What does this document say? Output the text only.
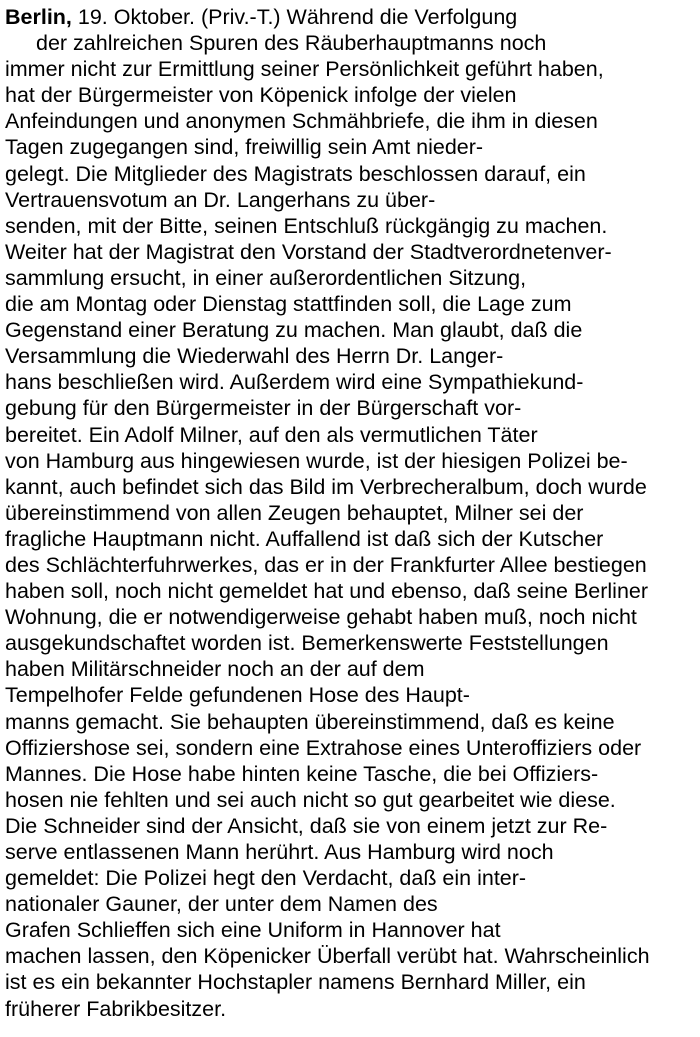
Berlin, 19. Oktober. (Priv.-T.) Während die Verfolgung
der zahlreichen Spuren des Räuberhauptmanns noch
immer nicht zur Ermittlung seiner Persönlichkeit geführt haben,
hat der Bürgermeister von Köpenick infolge der vielen
Anfeindungen und anonymen Schmähbriefe, die ihm in diesen
Tagen zugegangen sind, freiwillig sein Amt nieder-
gelegt. Die Mitglieder des Magistrats beschlossen darauf, ein
Vertrauensvotum an Dr. Langerhans zu über-
senden, mit der Bitte, seinen Entschluß rückgängig zu machen.
Weiter hat der Magistrat den Vorstand der Stadtverordnetenver-
sammlung ersucht, in einer außerordentlichen Sitzung,
die am Montag oder Dienstag stattfinden soll, die Lage zum
Gegenstand einer Beratung zu machen. Man glaubt, daß die
Versammlung die Wiederwahl des Herrn Dr. Langer-
hans beschließen wird. Außerdem wird eine Sympathiekund-
gebung für den Bürgermeister in der Bürgerschaft vor-
bereitet. Ein Adolf Milner, auf den als vermutlichen Täter
von Hamburg aus hingewiesen wurde, ist der hiesigen Polizei be-
kannt, auch befindet sich das Bild im Verbrecheralbum, doch wurde
übereinstimmend von allen Zeugen behauptet, Milner sei der
fragliche Hauptmann nicht. Auffallend ist daß sich der Kutscher
des Schlächterfuhrwerkes, das er in der Frankfurter Allee bestiegen
haben soll, noch nicht gemeldet hat und ebenso, daß seine Berliner
Wohnung, die er notwendigerweise gehabt haben muß, noch nicht
ausgekundschaftet worden ist. Bemerkenswerte Feststellungen
haben Militärschneider noch an der auf dem
Tempelhofer Felde gefundenen Hose des Haupt-
manns gemacht. Sie behaupten übereinstimmend, daß es keine
Offiziershose sei, sondern eine Extrahose eines Unteroffiziers oder
Mannes. Die Hose habe hinten keine Tasche, die bei Offiziers-
hosen nie fehlten und sei auch nicht so gut gearbeitet wie diese.
Die Schneider sind der Ansicht, daß sie von einem jetzt zur Re-
serve entlassenen Mann herührt. Aus Hamburg wird noch
gemeldet: Die Polizei hegt den Verdacht, daß ein inter-
nationaler Gauner, der unter dem Namen des
Grafen Schlieffen sich eine Uniform in Hannover hat
machen lassen, den Köpenicker Überfall verübt hat. Wahrscheinlich
ist es ein bekannter Hochstapler namens Bernhard Miller, ein
früherer Fabrikbesitzer.
